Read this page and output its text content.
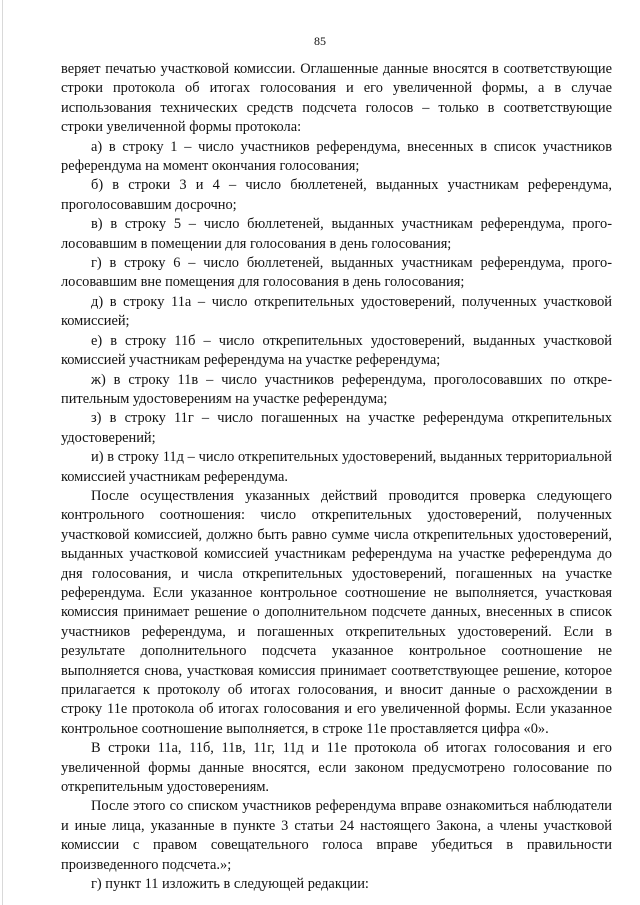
85

веряет печатью участковой комиссии. Оглашенные данные вносятся в соответствующие строки протокола об итогах голосования и его увеличенной формы, а в случае использования технических средств подсчета голосов – только в соответствующие строки увеличенной формы протокола:

а) в строку 1 – число участников референдума, внесенных в список участников референдума на момент окончания голосования;

б) в строки 3 и 4 – число бюллетеней, выданных участникам референдума, проголосовавшим досрочно;

в) в строку 5 – число бюллетеней, выданных участникам референдума, проголосовавшим в помещении для голосования в день голосования;

г) в строку 6 – число бюллетеней, выданных участникам референдума, проголосовавшим вне помещения для голосования в день голосования;

д) в строку 11а – число открепительных удостоверений, полученных участковой комиссией;

е) в строку 11б – число открепительных удостоверений, выданных участковой комиссией участникам референдума на участке референдума;

ж) в строку 11в – число участников референдума, проголосовавших по открепительным удостоверениям на участке референдума;

з) в строку 11г – число погашенных на участке референдума открепительных удостоверений;

и) в строку 11д – число открепительных удостоверений, выданных территориальной комиссией участникам референдума.

После осуществления указанных действий проводится проверка следующего контрольного соотношения: число открепительных удостоверений, полученных участковой комиссией, должно быть равно сумме числа открепительных удостоверений, выданных участковой комиссией участникам референдума на участке референдума до дня голосования, и числа открепительных удостоверений, погашенных на участке референдума. Если указанное контрольное соотношение не выполняется, участковая комиссия принимает решение о дополнительном подсчете данных, внесенных в список участников референдума, и погашенных открепительных удостоверений. Если в результате дополнительного подсчета указанное контрольное соотношение не выполняется снова, участковая комиссия принимает соответствующее решение, которое прилагается к протоколу об итогах голосования, и вносит данные о расхождении в строку 11е протокола об итогах голосования и его увеличенной формы. Если указанное контрольное соотношение выполняется, в строке 11е проставляется цифра «0».

В строки 11а, 11б, 11в, 11г, 11д и 11е протокола об итогах голосования и его увеличенной формы данные вносятся, если законом предусмотрено голосование по открепительным удостоверениям.

После этого со списком участников референдума вправе ознакомиться наблюдатели и иные лица, указанные в пункте 3 статьи 24 настоящего Закона, а члены участковой комиссии с правом совещательного голоса вправе убедиться в правильности произведенного подсчета.»;

г) пункт 11 изложить в следующей редакции:
